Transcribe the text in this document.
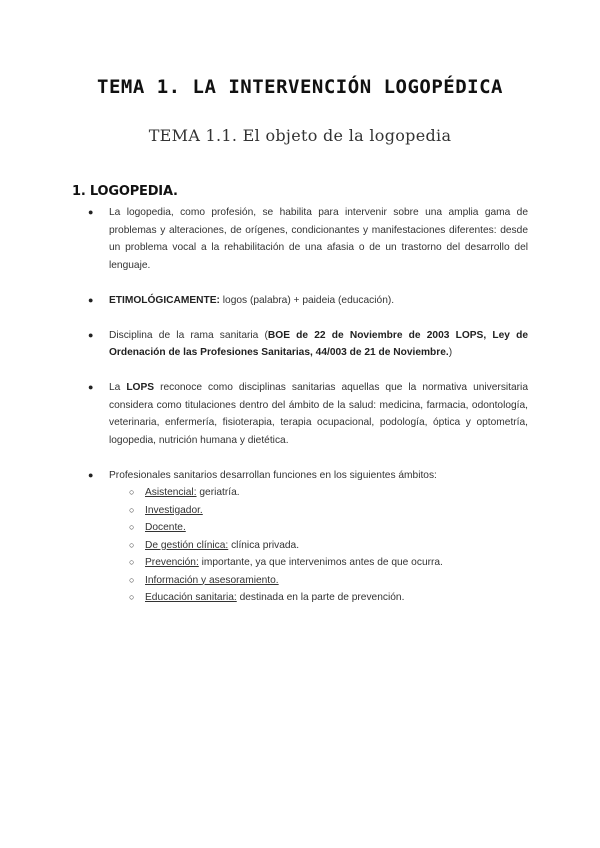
TEMA 1. LA INTERVENCIÓN LOGOPÉDICA
TEMA 1.1. El objeto de la logopedia
1. LOGOPEDIA.
● La logopedia, como profesión, se habilita para intervenir sobre una amplia gama de problemas y alteraciones, de orígenes, condicionantes y manifestaciones diferentes: desde un problema vocal a la rehabilitación de una afasia o de un trastorno del desarrollo del lenguaje.
● ETIMOLÓGICAMENTE: logos (palabra) + paideia (educación).
● Disciplina de la rama sanitaria (BOE de 22 de Noviembre de 2003 LOPS, Ley de Ordenación de las Profesiones Sanitarias, 44/003 de 21 de Noviembre.)
● La LOPS reconoce como disciplinas sanitarias aquellas que la normativa universitaria considera como titulaciones dentro del ámbito de la salud: medicina, farmacia, odontología, veterinaria, enfermería, fisioterapia, terapia ocupacional, podología, óptica y optometría, logopedia, nutrición humana y dietética.
● Profesionales sanitarios desarrollan funciones en los siguientes ámbitos:
○ Asistencial: geriatría.
○ Investigador.
○ Docente.
○ De gestión clínica: clínica privada.
○ Prevención: importante, ya que intervenimos antes de que ocurra.
○ Información y asesoramiento.
○ Educación sanitaria: destinada en la parte de prevención.
